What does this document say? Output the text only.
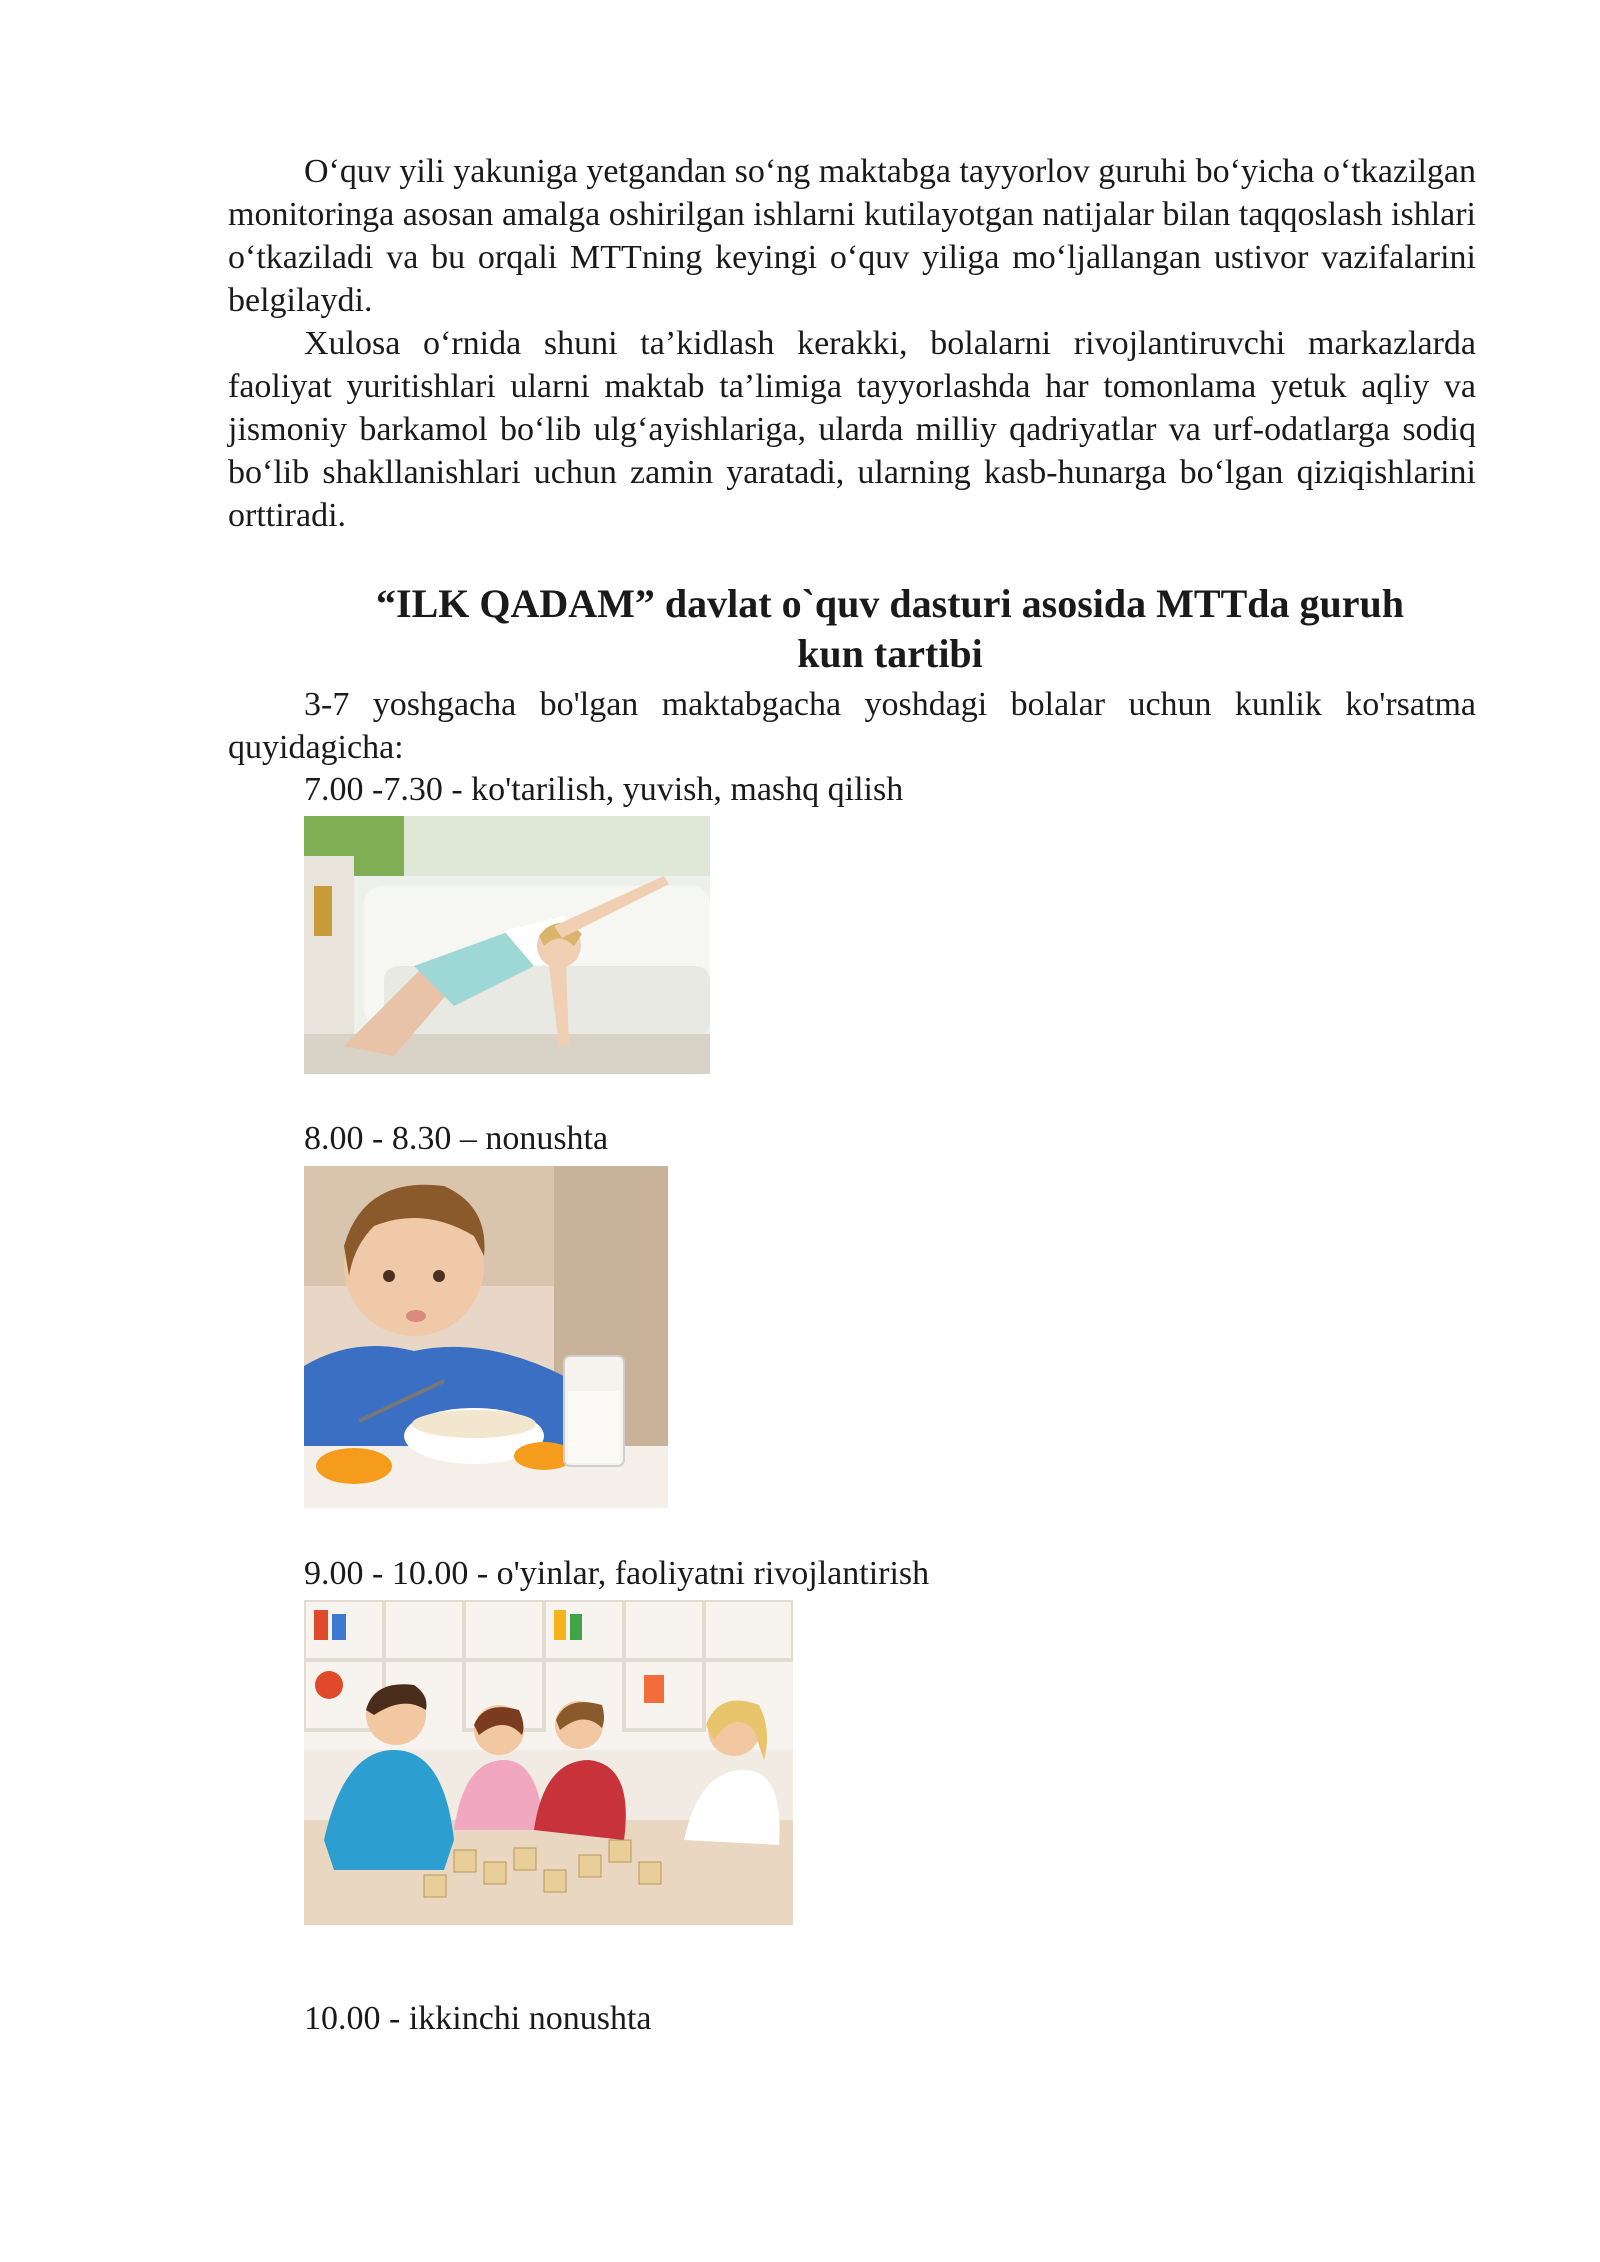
O‘quv yili yakuniga yetgandan so‘ng maktabga tayyorlov guruhi bo‘yicha o‘tkazilgan monitoringa asosan amalga oshirilgan ishlarni kutilayotgan natijalar bilan taqqoslash ishlari o‘tkaziladi va bu orqali MTTning keyingi o‘quv yiliga mo‘ljallangan ustivor vazifalarini belgilaydi.

Xulosa o‘rnida shuni ta’kidlash kerakki, bolalarni rivojlantiruvchi markazlarda faoliyat yuritishlari ularni maktab ta’limiga tayyorlashda har tomonlama yetuk aqliy va jismoniy barkamol bo‘lib ulg‘ayishlariga, ularda milliy qadriyatlar va urf-odatlarga sodiq bo‘lib shakllanishlari uchun zamin yaratadi, ularning kasb-hunarga bo‘lgan qiziqishlarini orttiradi.

“ILK QADAM” davlat o`quv dasturi asosida MTTda guruh
kun tartibi

3-7 yoshgacha bo'lgan maktabgacha yoshdagi bolalar uchun kunlik ko'rsatma quyidagicha:

7.00 -7.30 - ko'tarilish, yuvish, mashq qilish

8.00 - 8.30 – nonushta

9.00 - 10.00 - o'yinlar, faoliyatni rivojlantirish

10.00 - ikkinchi nonushta
